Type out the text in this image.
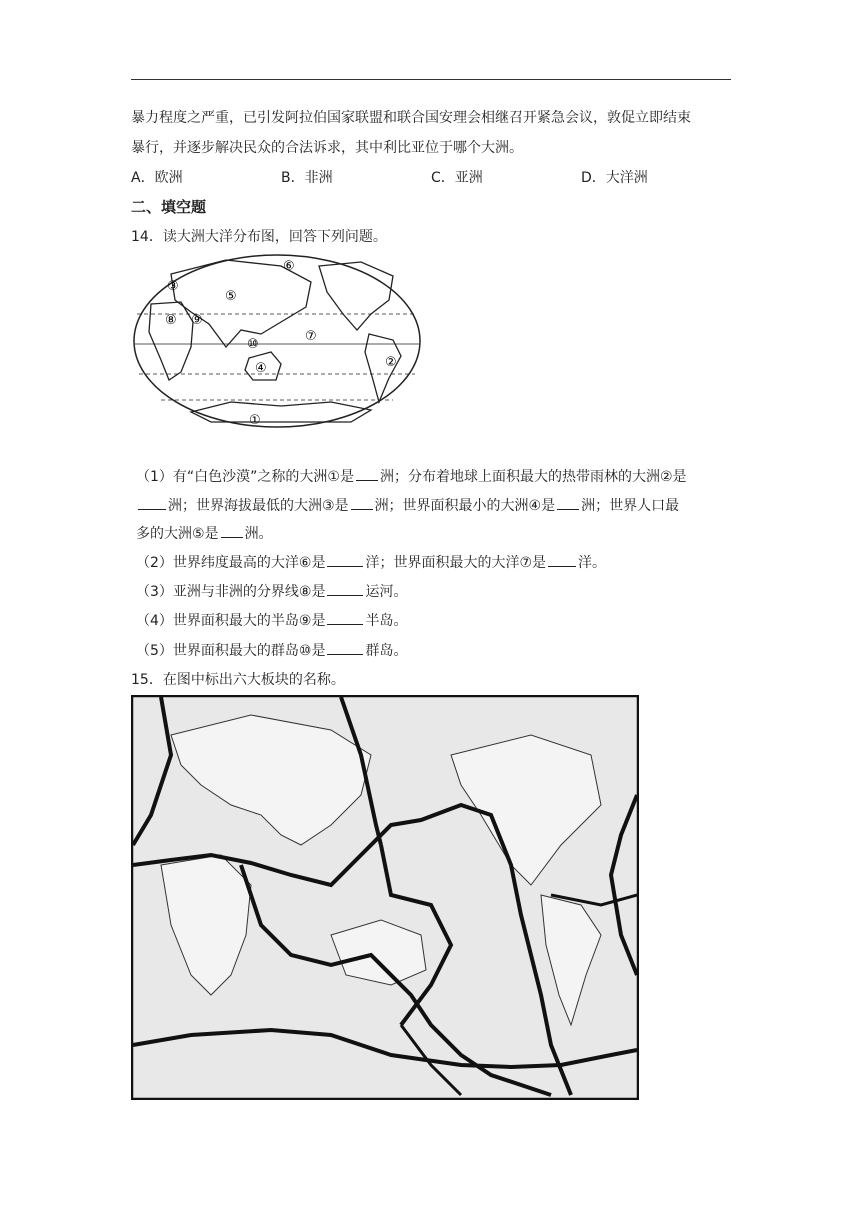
暴力程度之严重，已引发阿拉伯国家联盟和联合国安理会相继召开紧急会议，敦促立即结束
暴行，并逐步解决民众的合法诉求，其中利比亚位于哪个大洲。
A．欧洲	B．非洲	C．亚洲	D．大洋洲
二、填空题
14．读大洲大洋分布图，回答下列问题。
①
②
③
④
⑤
⑥
⑦
⑧ ⑨
⑩
（1）有“白色沙漠”之称的大洲①是 洲；分布着地球上面积最大的热带雨林的大洲②是
洲；世界海拔最低的大洲③是 洲；世界面积最小的大洲④是 洲；世界人口最
多的大洲⑤是 洲。
（2）世界纬度最高的大洋⑥是	洋；世界面积最大的大洋⑦是 洋。
（3）亚洲与非洲的分界线⑧是	运河。
（4）世界面积最大的半岛⑨是	半岛。
（5）世界面积最大的群岛⑩是	群岛。
15．在图中标出六大板块的名称。
